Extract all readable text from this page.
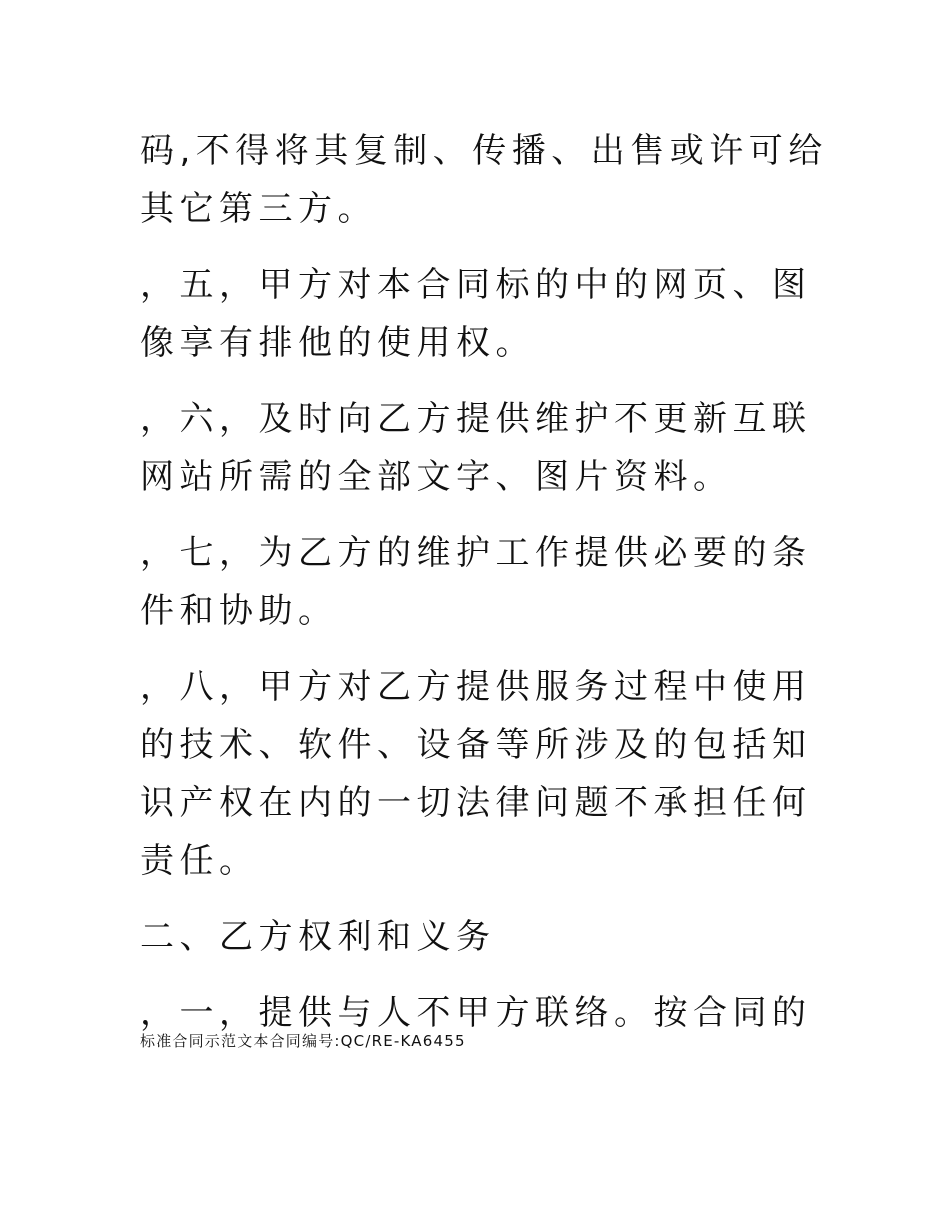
码,不得将其复制、传播、出售或许可给
其它第三方。

，五，甲方对本合同标的中的网页、图
像享有排他的使用权。

，六，及时向乙方提供维护不更新互联
网站所需的全部文字、图片资料。

，七，为乙方的维护工作提供必要的条
件和协助。

，八，甲方对乙方提供服务过程中使用
的技术、软件、设备等所涉及的包括知
识产权在内的一切法律问题不承担任何
责任。

二、乙方权利和义务

，一，提供与人不甲方联络。按合同的

标准合同示范文本合同编号:QC/RE-KA6455
